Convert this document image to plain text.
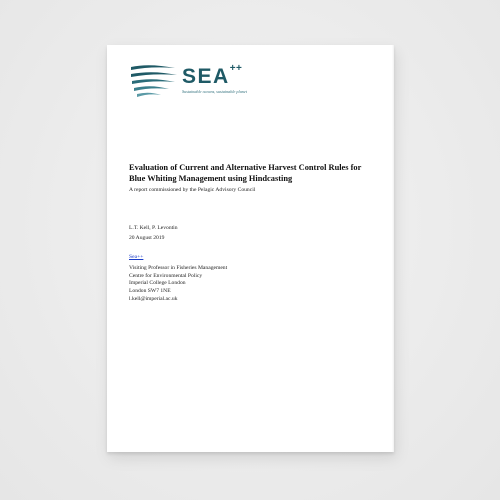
SEA++
Sustainable oceans, sustainable planet
Evaluation of Current and Alternative Harvest Control Rules for Blue Whiting Management using Hindcasting
A report commissioned by the Pelagic Advisory Council
L.T. Kell, P. Levontin
20 August 2019
Sea++
Visiting Professor in Fisheries Management
Centre for Environmental Policy
Imperial College London
London SW7 1NE
l.kell@imperial.ac.uk
